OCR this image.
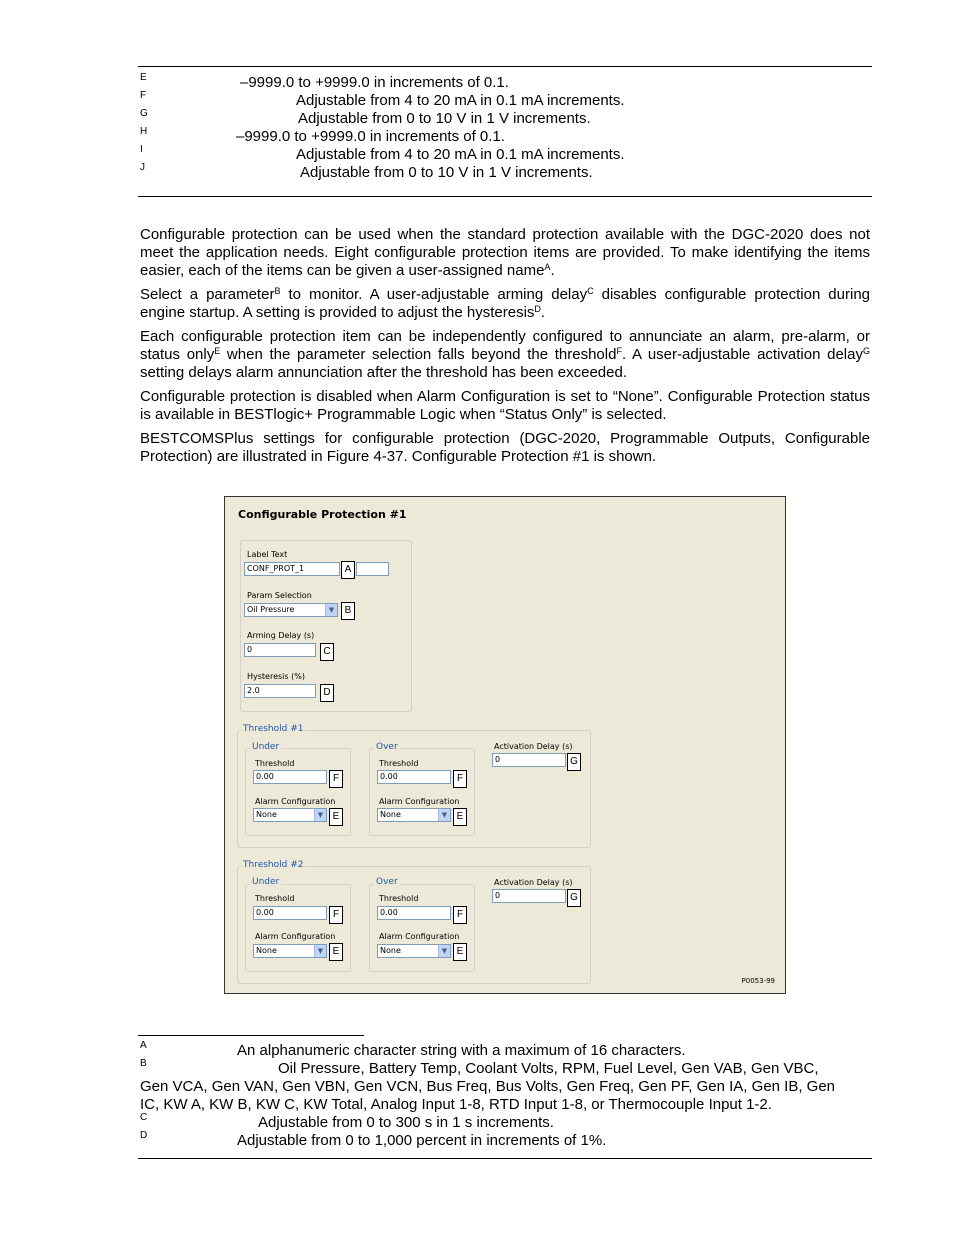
E	–9999.0 to +9999.0 in increments of 0.1.
F	Adjustable from 4 to 20 mA in 0.1 mA increments.
G	Adjustable from 0 to 10 V in 1 V increments.
H	–9999.0 to +9999.0 in increments of 0.1.
I	Adjustable from 4 to 20 mA in 0.1 mA increments.
J	Adjustable from 0 to 10 V in 1 V increments.
Configurable protection can be used when the standard protection available with the DGC-2020 does not meet the application needs. Eight configurable protection items are provided. To make identifying the items easier, each of the items can be given a user-assigned name$^A$.
Select a parameter$^B$ to monitor. A user-adjustable arming delay$^C$ disables configurable protection during engine startup. A setting is provided to adjust the hysteresis$^D$.
Each configurable protection item can be independently configured to annunciate an alarm, pre-alarm, or status only$^E$ when the parameter selection falls beyond the threshold$^F$. A user-adjustable activation delay$^G$ setting delays alarm annunciation after the threshold has been exceeded.
Configurable protection is disabled when Alarm Configuration is set to “None”. Configurable Protection status is available in BESTlogic+ Programmable Logic when “Status Only” is selected.
BESTCOMSPlus settings for configurable protection (DGC-2020, Programmable Outputs, Configurable Protection) are illustrated in Figure 4-37. Configurable Protection #1 is shown.
Configurable Protection #1
Label Text
CONF_PROT_1	A
Param Selection
Oil Pressure	▼	B
Arming Delay (s)
0	C
Hysteresis (%)
2.0	D
Threshold #1
Under
Threshold
0.00	F
Alarm Configuration
None	▼ E
Over
Threshold
0.00	F
Alarm Configuration
None	▼ E
Activation Delay (s)
0	G
Threshold #2
Under
Threshold
0.00	F
Alarm Configuration
None	▼ E
Over
Threshold
0.00	F
Alarm Configuration
None	▼ E
Activation Delay (s)
0	G
P0053-99
A	An alphanumeric character string with a maximum of 16 characters.
B	Oil Pressure, Battery Temp, Coolant Volts, RPM, Fuel Level, Gen VAB, Gen VBC,
Gen VCA, Gen VAN, Gen VBN, Gen VCN, Bus Freq, Bus Volts, Gen Freq, Gen PF, Gen IA, Gen IB, Gen
IC, KW A, KW B, KW C, KW Total, Analog Input 1-8, RTD Input 1-8, or Thermocouple Input 1-2.
C	Adjustable from 0 to 300 s in 1 s increments.
D	Adjustable from 0 to 1,000 percent in increments of 1%.
